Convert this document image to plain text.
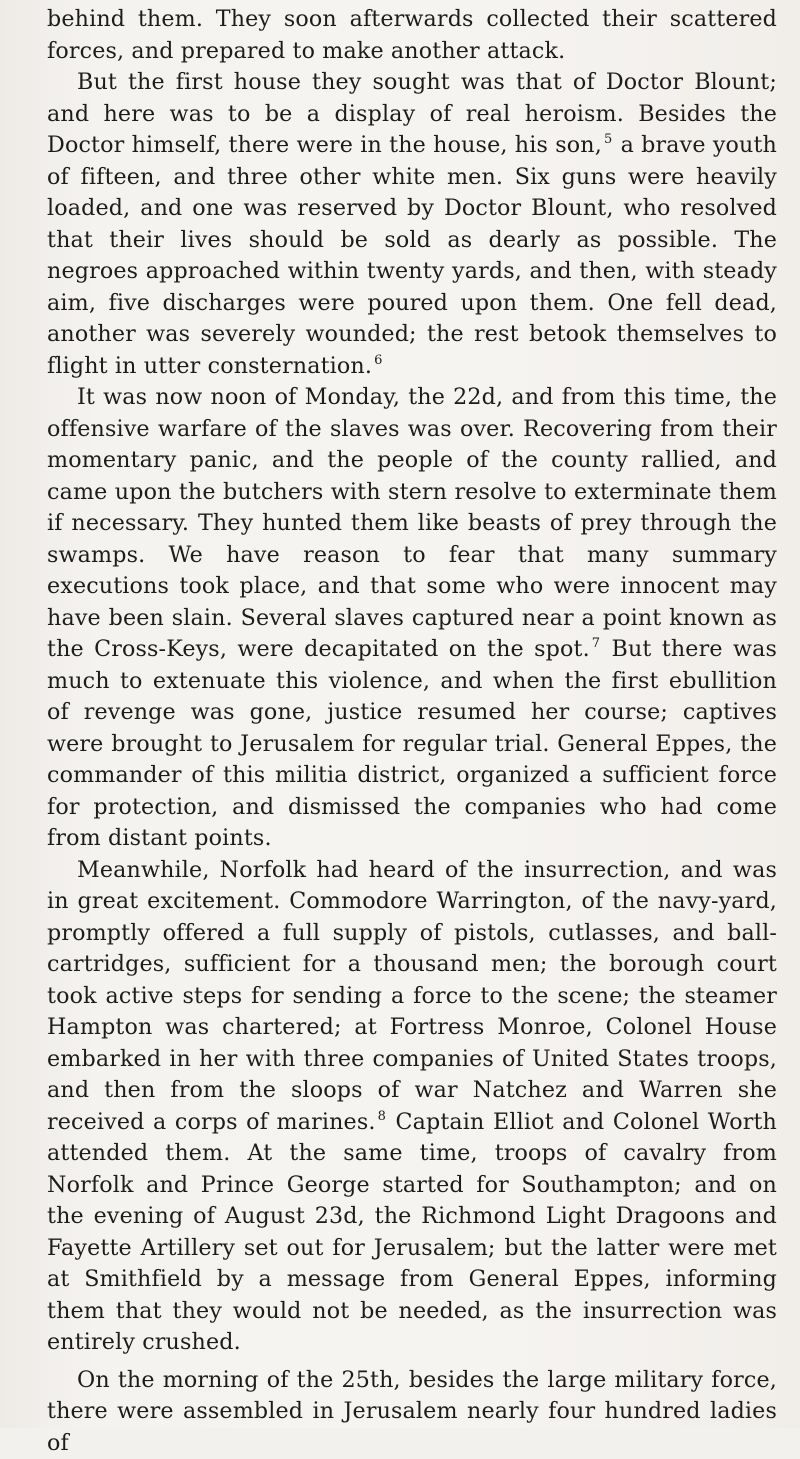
behind them. They soon afterwards collected their scattered forces, and prepared to make another attack.

But the first house they sought was that of Doctor Blount; and here was to be a display of real heroism. Besides the Doctor himself, there were in the house, his son, $^5$ a brave youth of fifteen, and three other white men. Six guns were heavily loaded, and one was reserved by Doctor Blount, who resolved that their lives should be sold as dearly as possible. The negroes approached within twenty yards, and then, with steady aim, five discharges were poured upon them. One fell dead, another was severely wounded; the rest betook themselves to flight in utter consternation. $^6$

It was now noon of Monday, the 22d, and from this time, the offensive warfare of the slaves was over. Recovering from their momentary panic, and the people of the county rallied, and came upon the butchers with stern resolve to exterminate them if necessary. They hunted them like beasts of prey through the swamps. We have reason to fear that many summary executions took place, and that some who were innocent may have been slain. Several slaves captured near a point known as the Cross-Keys, were decapitated on the spot. $^7$ But there was much to extenuate this violence, and when the first ebullition of revenge was gone, justice resumed her course; captives were brought to Jerusalem for regular trial. General Eppes, the commander of this militia district, organized a sufficient force for protection, and dismissed the companies who had come from distant points.

Meanwhile, Norfolk had heard of the insurrection, and was in great excitement. Commodore Warrington, of the navy-yard, promptly offered a full supply of pistols, cutlasses, and ball-cartridges, sufficient for a thousand men; the borough court took active steps for sending a force to the scene; the steamer Hampton was chartered; at Fortress Monroe, Colonel House embarked in her with three companies of United States troops, and then from the sloops of war Natchez and Warren she received a corps of marines. $^8$ Captain Elliot and Colonel Worth attended them. At the same time, troops of cavalry from Norfolk and Prince George started for Southampton; and on the evening of August 23d, the Richmond Light Dragoons and Fayette Artillery set out for Jerusalem; but the latter were met at Smithfield by a message from General Eppes, informing them that they would not be needed, as the insurrection was entirely crushed.

On the morning of the 25th, besides the large military force, there were assembled in Jerusalem nearly four hundred ladies of
